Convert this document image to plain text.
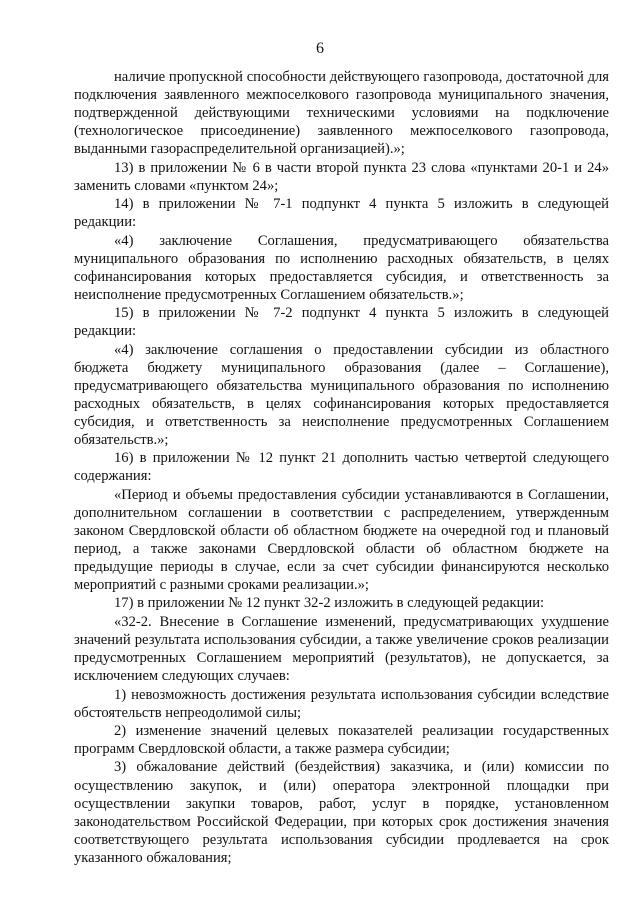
6

наличие пропускной способности действующего газопровода, достаточной для подключения заявленного межпоселкового газопровода муниципального значения, подтвержденной действующими техническими условиями на подключение (технологическое присоединение) заявленного межпоселкового газопровода, выданными газораспределительной организацией).»;

13) в приложении № 6 в части второй пункта 23 слова «пунктами 20-1 и 24» заменить словами «пунктом 24»;

14) в приложении № 7-1 подпункт 4 пункта 5 изложить в следующей редакции:

«4) заключение Соглашения, предусматривающего обязательства муниципального образования по исполнению расходных обязательств, в целях софинансирования которых предоставляется субсидия, и ответственность за неисполнение предусмотренных Соглашением обязательств.»;

15) в приложении № 7-2 подпункт 4 пункта 5 изложить в следующей редакции:

«4) заключение соглашения о предоставлении субсидии из областного бюджета бюджету муниципального образования (далее – Соглашение), предусматривающего обязательства муниципального образования по исполнению расходных обязательств, в целях софинансирования которых предоставляется субсидия, и ответственность за неисполнение предусмотренных Соглашением обязательств.»;

16) в приложении № 12 пункт 21 дополнить частью четвертой следующего содержания:

«Период и объемы предоставления субсидии устанавливаются в Соглашении, дополнительном соглашении в соответствии с распределением, утвержденным законом Свердловской области об областном бюджете на очередной год и плановый период, а также законами Свердловской области об областном бюджете на предыдущие периоды в случае, если за счет субсидии финансируются несколько мероприятий с разными сроками реализации.»;

17) в приложении № 12 пункт 32-2 изложить в следующей редакции:

«32-2. Внесение в Соглашение изменений, предусматривающих ухудшение значений результата использования субсидии, а также увеличение сроков реализации предусмотренных Соглашением мероприятий (результатов), не допускается, за исключением следующих случаев:

1) невозможность достижения результата использования субсидии вследствие обстоятельств непреодолимой силы;

2) изменение значений целевых показателей реализации государственных программ Свердловской области, а также размера субсидии;

3) обжалование действий (бездействия) заказчика, и (или) комиссии по осуществлению закупок, и (или) оператора электронной площадки при осуществлении закупки товаров, работ, услуг в порядке, установленном законодательством Российской Федерации, при которых срок достижения значения соответствующего результата использования субсидии продлевается на срок указанного обжалования;
